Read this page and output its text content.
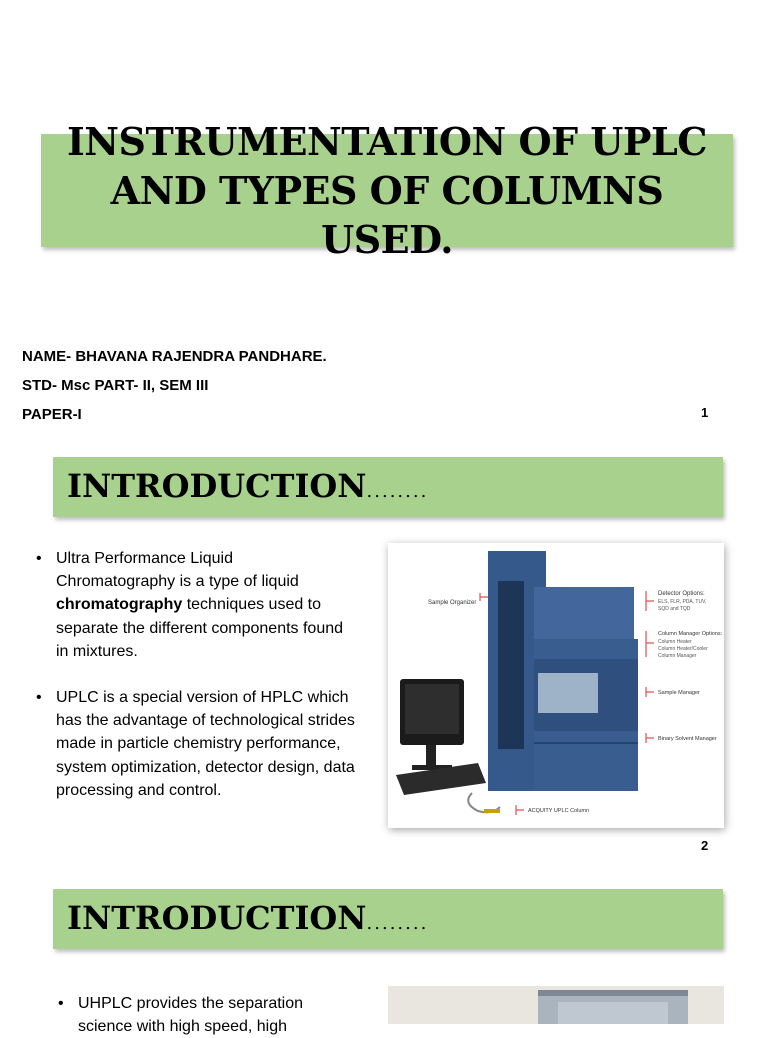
INSTRUMENTATION OF UPLC
AND TYPES OF COLUMNS USED.
NAME- BHAVANA RAJENDRA PANDHARE.
STD- Msc PART- II, SEM III
PAPER-I	1
INTRODUCTION........
• Ultra Performance Liquid Chromatography is a type of liquid chromatography techniques used to separate the different components found in mixtures.
• UPLC is a special version of HPLC which has the advantage of technological strides made in particle chemistry performance, system optimization, detector design, data processing and control.
Sample Organizer
Detector Options:
ELS, FLR, PDA, TUV,
SQD and TQD
Column Manager Options:
Column Heater
Column Heater/Cooler
Column Manager
Sample Manager
Binary Solvent Manager
ACQUITY UPLC Column
2
INTRODUCTION........
• UHPLC provides the separation science with high speed, high
